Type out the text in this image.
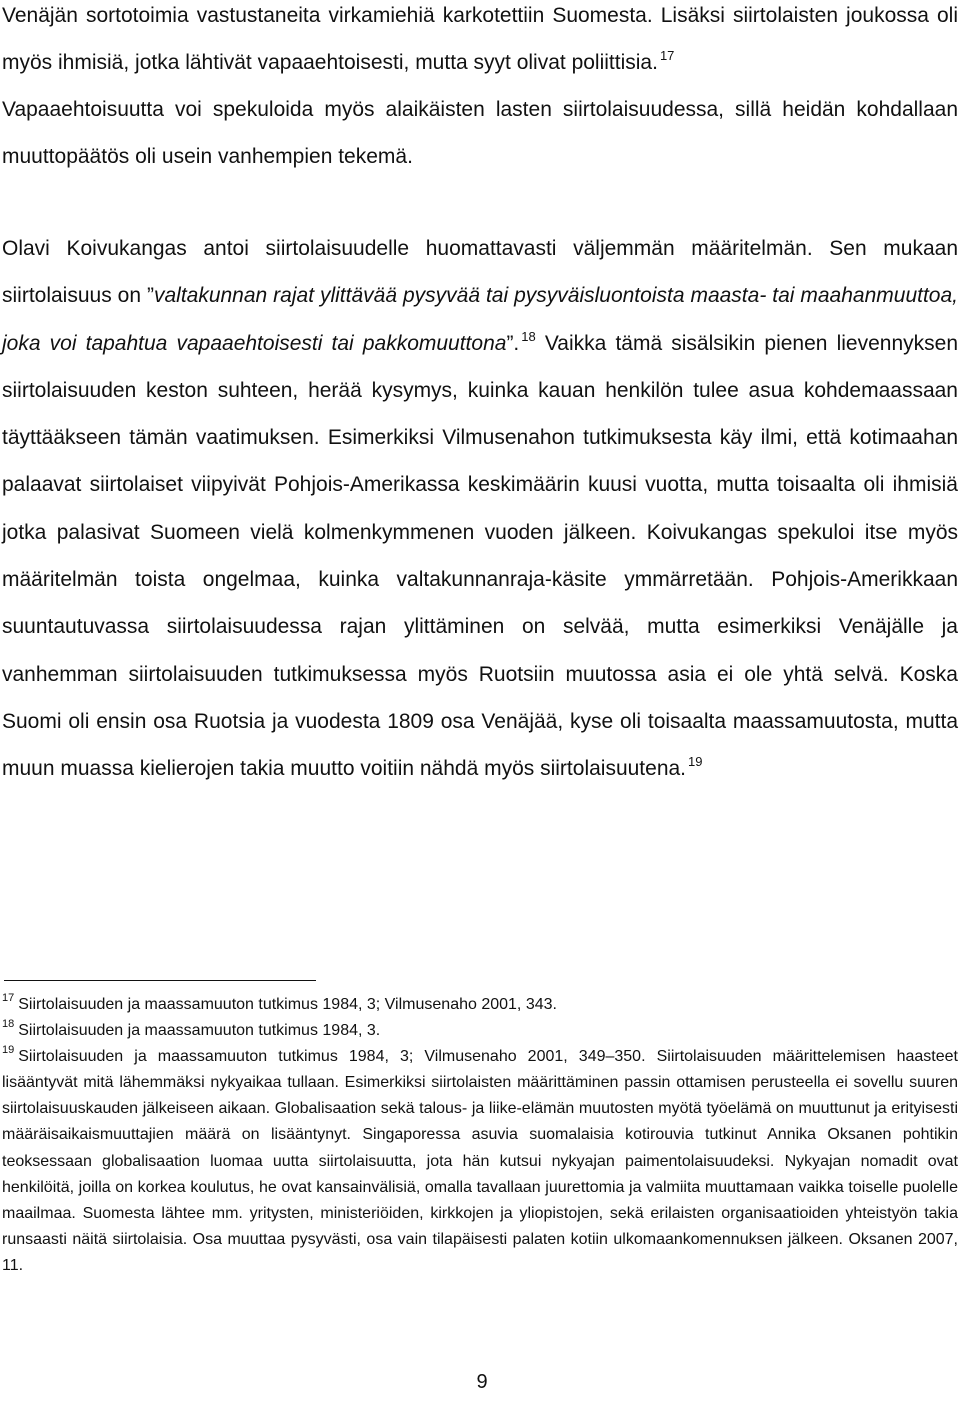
Venäjän sortotoimia vastustaneita virkamiehiä karkotettiin Suomesta. Lisäksi siirtolaisten joukossa oli myös ihmisiä, jotka lähtivät vapaaehtoisesti, mutta syyt olivat poliittisia. $^{17}$
Vapaaehtoisuutta voi spekuloida myös alaikäisten lasten siirtolaisuudessa, sillä heidän kohdallaan muuttopäätös oli usein vanhempien tekemä.

Olavi Koivukangas antoi siirtolaisuudelle huomattavasti väljemmän määritelmän. Sen mukaan siirtolaisuus on ”valtakunnan rajat ylittävää pysyvää tai pysyväisluontoista maasta- tai maahanmuuttoa, joka voi tapahtua vapaaehtoisesti tai pakkomuuttona”. $^{18}$ Vaikka tämä sisälsikin pienen lievennyksen siirtolaisuuden keston suhteen, herää kysymys, kuinka kauan henkilön tulee asua kohdemaassaan täyttääkseen tämän vaatimuksen. Esimerkiksi Vilmusenahon tutkimuksesta käy ilmi, että kotimaahan palaavat siirtolaiset viipyivät Pohjois-Amerikassa keskimäärin kuusi vuotta, mutta toisaalta oli ihmisiä jotka palasivat Suomeen vielä kolmenkymmenen vuoden jälkeen. Koivukangas spekuloi itse myös määritelmän toista ongelmaa, kuinka valtakunnanraja-käsite ymmärretään. Pohjois-Amerikkaan suuntautuvassa siirtolaisuudessa rajan ylittäminen on selvää, mutta esimerkiksi Venäjälle ja vanhemman siirtolaisuuden tutkimuksessa myös Ruotsiin muutossa asia ei ole yhtä selvä. Koska Suomi oli ensin osa Ruotsia ja vuodesta 1809 osa Venäjää, kyse oli toisaalta maassamuutosta, mutta muun muassa kielierojen takia muutto voitiin nähdä myös siirtolaisuutena. $^{19}$

$^{17}$ Siirtolaisuuden ja maassamuuton tutkimus 1984, 3; Vilmusenaho 2001, 343.

$^{18}$ Siirtolaisuuden ja maassamuuton tutkimus 1984, 3.

$^{19}$ Siirtolaisuuden ja maassamuuton tutkimus 1984, 3; Vilmusenaho 2001, 349–350. Siirtolaisuuden määrittelemisen haasteet lisääntyvät mitä lähemmäksi nykyaikaa tullaan. Esimerkiksi siirtolaisten määrittäminen passin ottamisen perusteella ei sovellu suuren siirtolaisuuskauden jälkeiseen aikaan. Globalisaation sekä talous- ja liike-elämän muutosten myötä työelämä on muuttunut ja erityisesti määräisaikaismuuttajien määrä on lisääntynyt. Singaporessa asuvia suomalaisia kotirouvia tutkinut Annika Oksanen pohtikin teoksessaan globalisaation luomaa uutta siirtolaisuutta, jota hän kutsui nykyajan paimentolaisuudeksi. Nykyajan nomadit ovat henkilöitä, joilla on korkea koulutus, he ovat kansainvälisiä, omalla tavallaan juurettomia ja valmiita muuttamaan vaikka toiselle puolelle maailmaa. Suomesta lähtee mm. yritysten, ministeriöiden, kirkkojen ja yliopistojen, sekä erilaisten organisaatioiden yhteistyön takia runsaasti näitä siirtolaisia. Osa muuttaa pysyvästi, osa vain tilapäisesti palaten kotiin ulkomaankomennuksen jälkeen. Oksanen 2007, 11.

9
